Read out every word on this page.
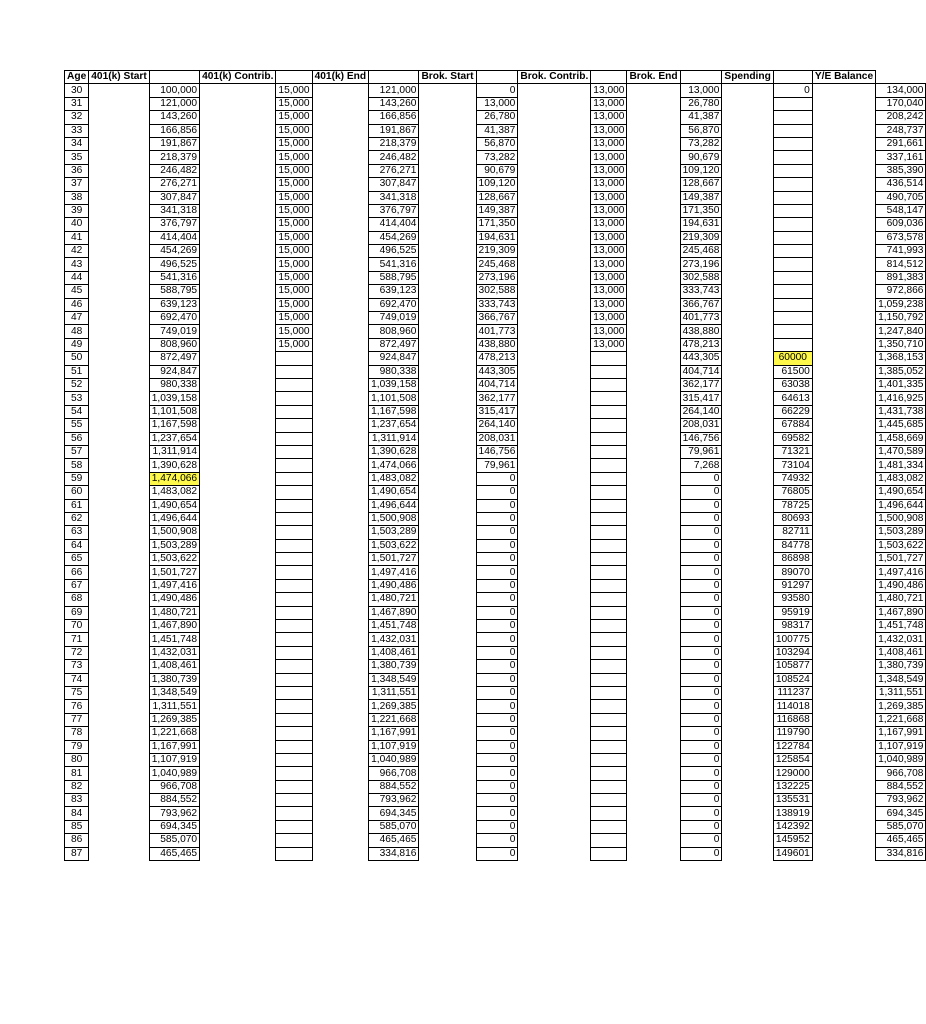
Age	401(k) Start		401(k) Contrib.		401(k) End		Brok. Start		Brok. Contrib.		Brok. End		Spending		Y/E Balance	
30		100,000		15,000		121,000		0		13,000		13,000		0		134,000
31		121,000		15,000		143,260		13,000		13,000		26,780				170,040
32		143,260		15,000		166,856		26,780		13,000		41,387				208,242
33		166,856		15,000		191,867		41,387		13,000		56,870				248,737
34		191,867		15,000		218,379		56,870		13,000		73,282				291,661
35		218,379		15,000		246,482		73,282		13,000		90,679				337,161
36		246,482		15,000		276,271		90,679		13,000		109,120				385,390
37		276,271		15,000		307,847		109,120		13,000		128,667				436,514
38		307,847		15,000		341,318		128,667		13,000		149,387				490,705
39		341,318		15,000		376,797		149,387		13,000		171,350				548,147
40		376,797		15,000		414,404		171,350		13,000		194,631				609,036
41		414,404		15,000		454,269		194,631		13,000		219,309				673,578
42		454,269		15,000		496,525		219,309		13,000		245,468				741,993
43		496,525		15,000		541,316		245,468		13,000		273,196				814,512
44		541,316		15,000		588,795		273,196		13,000		302,588				891,383
45		588,795		15,000		639,123		302,588		13,000		333,743				972,866
46		639,123		15,000		692,470		333,743		13,000		366,767				1,059,238
47		692,470		15,000		749,019		366,767		13,000		401,773				1,150,792
48		749,019		15,000		808,960		401,773		13,000		438,880				1,247,840
49		808,960		15,000		872,497		438,880		13,000		478,213				1,350,710
50		872,497				924,847		478,213				443,305		60000		1,368,153
51		924,847				980,338		443,305				404,714		61500		1,385,052
52		980,338				1,039,158		404,714				362,177		63038		1,401,335
53		1,039,158				1,101,508		362,177				315,417		64613		1,416,925
54		1,101,508				1,167,598		315,417				264,140		66229		1,431,738
55		1,167,598				1,237,654		264,140				208,031		67884		1,445,685
56		1,237,654				1,311,914		208,031				146,756		69582		1,458,669
57		1,311,914				1,390,628		146,756				79,961		71321		1,470,589
58		1,390,628				1,474,066		79,961				7,268		73104		1,481,334
59		1,474,066				1,483,082		0				0		74932		1,483,082
60		1,483,082				1,490,654		0				0		76805		1,490,654
61		1,490,654				1,496,644		0				0		78725		1,496,644
62		1,496,644				1,500,908		0				0		80693		1,500,908
63		1,500,908				1,503,289		0				0		82711		1,503,289
64		1,503,289				1,503,622		0				0		84778		1,503,622
65		1,503,622				1,501,727		0				0		86898		1,501,727
66		1,501,727				1,497,416		0				0		89070		1,497,416
67		1,497,416				1,490,486		0				0		91297		1,490,486
68		1,490,486				1,480,721		0				0		93580		1,480,721
69		1,480,721				1,467,890		0				0		95919		1,467,890
70		1,467,890				1,451,748		0				0		98317		1,451,748
71		1,451,748				1,432,031		0				0		100775		1,432,031
72		1,432,031				1,408,461		0				0		103294		1,408,461
73		1,408,461				1,380,739		0				0		105877		1,380,739
74		1,380,739				1,348,549		0				0		108524		1,348,549
75		1,348,549				1,311,551		0				0		111237		1,311,551
76		1,311,551				1,269,385		0				0		114018		1,269,385
77		1,269,385				1,221,668		0				0		116868		1,221,668
78		1,221,668				1,167,991		0				0		119790		1,167,991
79		1,167,991				1,107,919		0				0		122784		1,107,919
80		1,107,919				1,040,989		0				0		125854		1,040,989
81		1,040,989				966,708		0				0		129000		966,708
82		966,708				884,552		0				0		132225		884,552
83		884,552				793,962		0				0		135531		793,962
84		793,962				694,345		0				0		138919		694,345
85		694,345				585,070		0				0		142392		585,070
86		585,070				465,465		0				0		145952		465,465
87		465,465				334,816		0				0		149601		334,816
